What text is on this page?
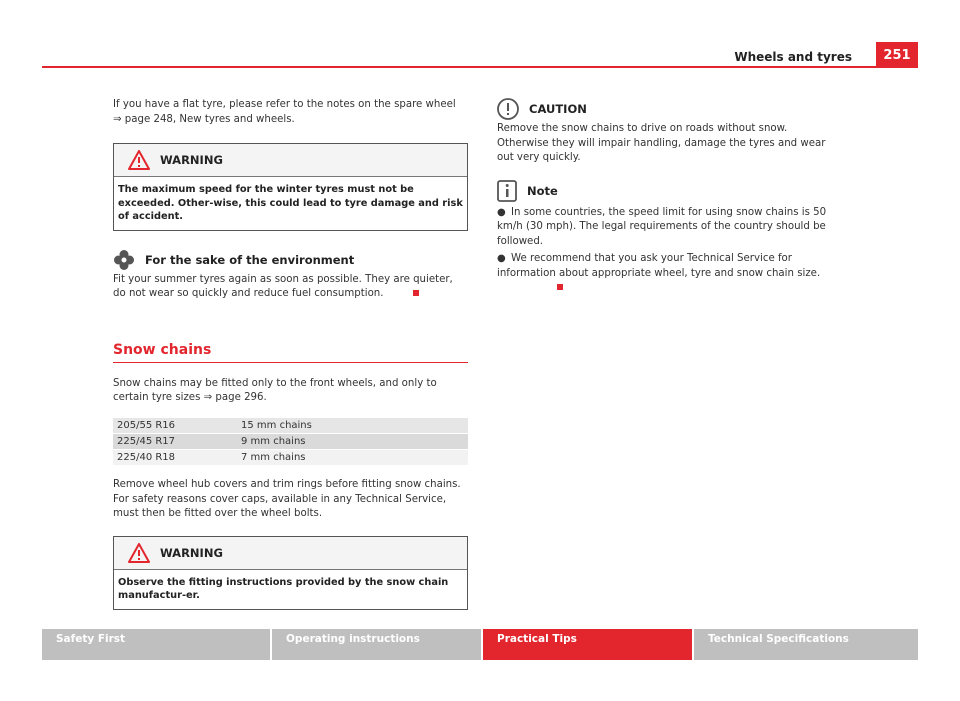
Wheels and tyres	251

If you have a flat tyre, please refer to the notes on the spare wheel
⇒ page 248, New tyres and wheels.

WARNING
The maximum speed for the winter tyres must not be exceeded. Other-wise, this could lead to tyre damage and risk of accident.
For the sake of the environment

Fit your summer tyres again as soon as possible. They are quieter, do not wear so quickly and reduce fuel consumption.

Snow chains

Snow chains may be fitted only to the front wheels, and only to certain tyre sizes ⇒ page 296.

205/55 R16	15 mm chains
225/45 R17	9 mm chains
225/40 R18	7 mm chains

Remove wheel hub covers and trim rings before fitting snow chains. For safety reasons cover caps, available in any Technical Service, must then be fitted over the wheel bolts.

WARNING
Observe the fitting instructions provided by the snow chain manufactur-er.
CAUTION

Remove the snow chains to drive on roads without snow. Otherwise they will impair handling, damage the tyres and wear out very quickly.

Note
● In some countries, the speed limit for using snow chains is 50 km/h (30 mph). The legal requirements of the country should be followed.
● We recommend that you ask your Technical Service for information about appropriate wheel, tyre and snow chain size.
Safety First	Operating instructions	Practical Tips	Technical Specifications
